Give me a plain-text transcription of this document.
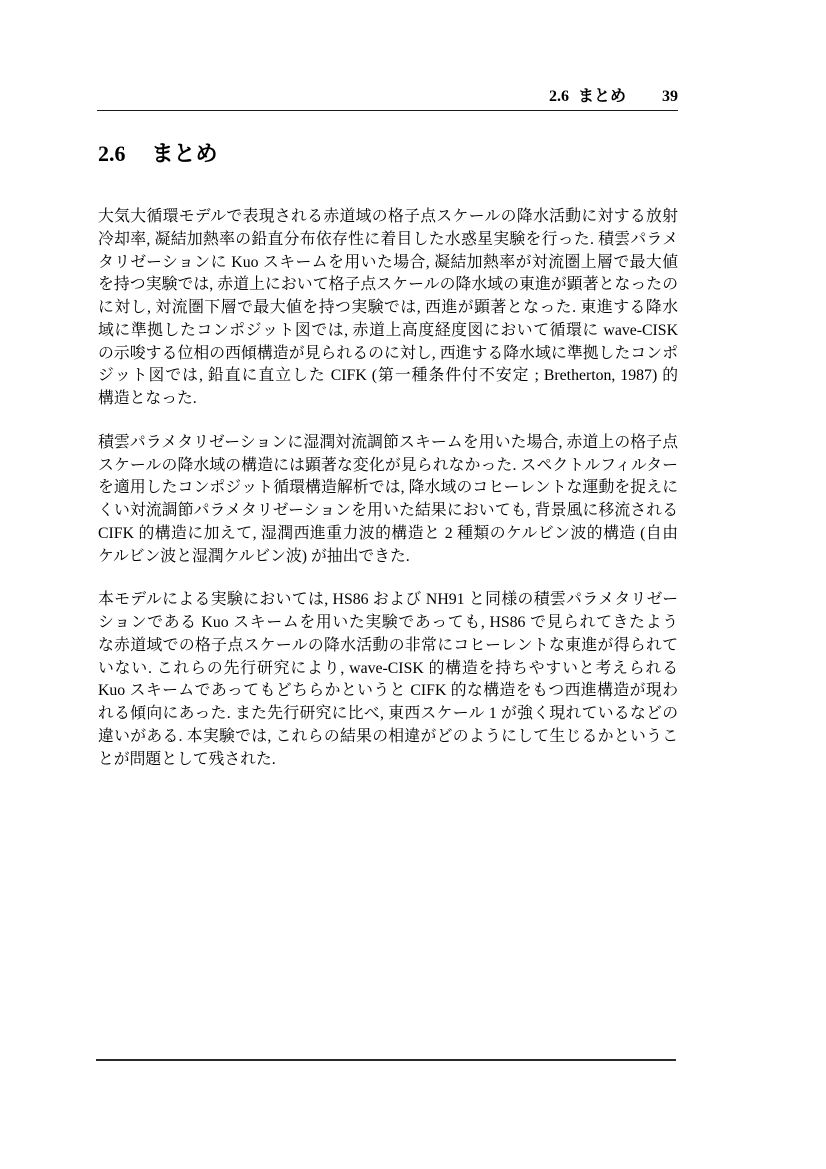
2.6 まとめ 39
2.6 まとめ
大気大循環モデルで表現される赤道域の格子点スケールの降水活動に対する放射
冷却率, 凝結加熱率の鉛直分布依存性に着目した水惑星実験を行った. 積雲パラメ
タリゼーションに Kuo スキームを用いた場合, 凝結加熱率が対流圏上層で最大値
を持つ実験では, 赤道上において格子点スケールの降水域の東進が顕著となったの
に対し, 対流圏下層で最大値を持つ実験では, 西進が顕著となった. 東進する降水
域に準拠したコンポジット図では, 赤道上高度経度図において循環に wave-CISK
の示唆する位相の西傾構造が見られるのに対し, 西進する降水域に準拠したコンポ
ジット図では, 鉛直に直立した CIFK (第一種条件付不安定 ; Bretherton, 1987) 的
構造となった.
積雲パラメタリゼーションに湿潤対流調節スキームを用いた場合, 赤道上の格子点
スケールの降水域の構造には顕著な変化が見られなかった. スペクトルフィルター
を適用したコンポジット循環構造解析では, 降水域のコヒーレントな運動を捉えに
くい対流調節パラメタリゼーションを用いた結果においても, 背景風に移流される
CIFK 的構造に加えて, 湿潤西進重力波的構造と 2 種類のケルビン波的構造 (自由
ケルビン波と湿潤ケルビン波) が抽出できた.
本モデルによる実験においては, HS86 および NH91 と同様の積雲パラメタリゼー
ションである Kuo スキームを用いた実験であっても, HS86 で見られてきたよう
な赤道域での格子点スケールの降水活動の非常にコヒーレントな東進が得られて
いない. これらの先行研究により, wave-CISK 的構造を持ちやすいと考えられる
Kuo スキームであってもどちらかというと CIFK 的な構造をもつ西進構造が現わ
れる傾向にあった. また先行研究に比べ, 東西スケール 1 が強く現れているなどの
違いがある. 本実験では, これらの結果の相違がどのようにして生じるかというこ
とが問題として残された.
